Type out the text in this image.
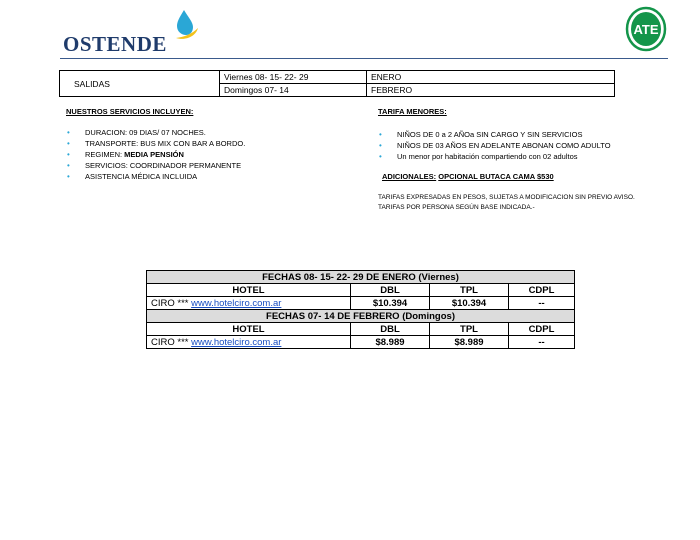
OSTENDE
ATE
SALIDAS	Viernes 08- 15- 22- 29	ENERO
	Domingos 07- 14	FEBRERO
NUESTROS SERVICIOS INCLUYEN:
• DURACION: 09 DIAS/ 07 NOCHES.
• TRANSPORTE: BUS MIX CON BAR A BORDO.
• REGIMEN: MEDIA PENSIÓN
• SERVICIOS: COORDINADOR PERMANENTE
• ASISTENCIA MÉDICA INCLUIDA
TARIFA MENORES:
• NIÑOS DE 0 a 2 AÑOa SIN CARGO Y SIN SERVICIOS
• NIÑOS DE 03 AÑOS EN ADELANTE ABONAN COMO ADULTO
• Un menor por habitación compartiendo con 02 adultos
ADICIONALES: OPCIONAL BUTACA CAMA $530
TARIFAS EXPRESADAS EN PESOS, SUJETAS A MODIFICACION SIN PREVIO AVISO.
TARIFAS POR PERSONA SEGÚN BASE INDICADA.-
FECHAS 08- 15- 22- 29 DE ENERO (Viernes)			
HOTEL	DBL	TPL	CDPL
CIRO *** www.hotelciro.com.ar	$10.394	$10.394	--
FECHAS 07- 14 DE FEBRERO (Domingos)			
HOTEL	DBL	TPL	CDPL
CIRO *** www.hotelciro.com.ar	$8.989	$8.989	--
